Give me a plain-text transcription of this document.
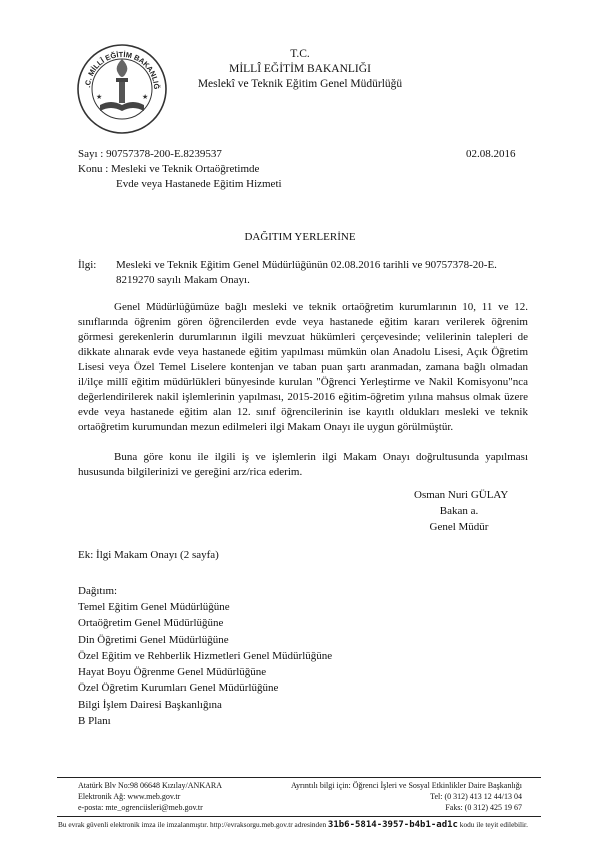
.C. MİLLÎ EĞİTİM BAKANLIĞ
★	★
T.C.
MİLLÎ EĞİTİM BAKANLIĞI
Meslekî ve Teknik Eğitim Genel Müdürlüğü
Sayı : 90757378-200-E.8239537	02.08.2016
Konu : Mesleki ve Teknik Ortaöğretimde
Evde veya Hastanede Eğitim Hizmeti
DAĞITIM YERLERİNE
İlgi: Mesleki ve Teknik Eğitim Genel Müdürlüğünün 02.08.2016 tarihli ve 90757378-20-E.
8219270 sayılı Makam Onayı.
Genel Müdürlüğümüze bağlı mesleki ve teknik ortaöğretim kurumlarının 10, 11 ve 12. sınıflarında öğrenim gören öğrencilerden evde veya hastanede eğitim kararı verilerek öğrenim görmesi gerekenlerin durumlarının ilgili mevzuat hükümleri çerçevesinde; velilerinin talepleri de dikkate alınarak evde veya hastanede eğitim yapılması mümkün olan Anadolu Lisesi, Açık Öğretim Lisesi veya Özel Temel Liselere kontenjan ve taban puan şartı aranmadan, zamana bağlı olmadan il/ilçe millî eğitim müdürlükleri bünyesinde kurulan "Öğrenci Yerleştirme ve Nakil Komisyonu"nca değerlendirilerek nakil işlemlerinin yapılması, 2015-2016 eğitim-öğretim yılına mahsus olmak üzere evde veya hastanede eğitim alan 12. sınıf öğrencilerinin ise kayıtlı oldukları mesleki ve teknik ortaöğretim kurumundan mezun edilmeleri ilgi Makam Onayı ile uygun görülmüştür.
Buna göre konu ile ilgili iş ve işlemlerin ilgi Makam Onayı doğrultusunda yapılması hususunda bilgilerinizi ve gereğini arz/rica ederim.
Osman Nuri GÜLAY
Bakan a.
Genel Müdür
Ek: İlgi Makam Onayı (2 sayfa)
Dağıtım:
Temel Eğitim Genel Müdürlüğüne
Ortaöğretim Genel Müdürlüğüne
Din Öğretimi Genel Müdürlüğüne
Özel Eğitim ve Rehberlik Hizmetleri Genel Müdürlüğüne
Hayat Boyu Öğrenme Genel Müdürlüğüne
Özel Öğretim Kurumları Genel Müdürlüğüne
Bilgi İşlem Dairesi Başkanlığına
B Planı
Atatürk Blv No:98 06648 Kızılay/ANKARA
Elektronik Ağ: www.meb.gov.tr
e-posta: mte_ogrenciisleri@meb.gov.tr
Ayrıntılı bilgi için: Öğrenci İşleri ve Sosyal Etkinlikler Daire Başkanlığı
Tel: (0 312) 413 12 44/13 04
Faks: (0 312) 425 19 67
Bu evrak güvenli elektronik imza ile imzalanmıştır. http://evraksorgu.meb.gov.tr adresinden 31b6-5814-3957-b4b1-ad1c kodu ile teyit edilebilir.
